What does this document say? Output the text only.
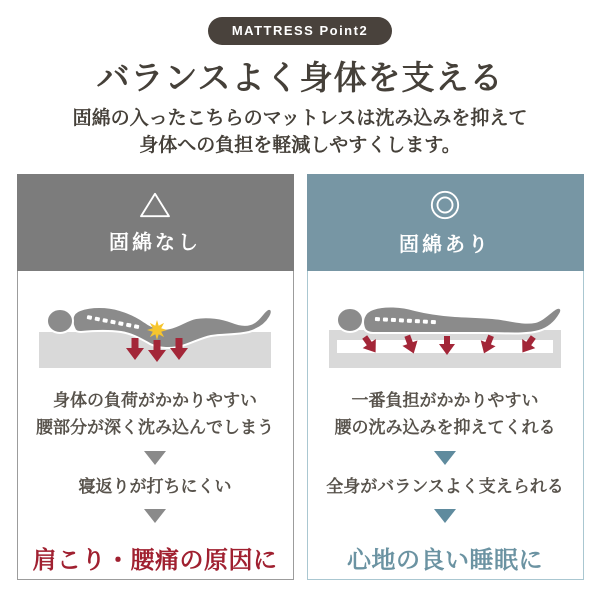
MATTRESS Point2
バランスよく身体を支える

固綿の入ったこちらのマットレスは沈み込みを抑えて
身体への負担を軽減しやすくします。

固綿なし

身体の負荷がかかりやすい
腰部分が深く沈み込んでしまう

寝返りが打ちにくい

肩こり・腰痛の原因に

固綿あり

一番負担がかかりやすい
腰の沈み込みを抑えてくれる

全身がバランスよく支えられる

心地の良い睡眠に
